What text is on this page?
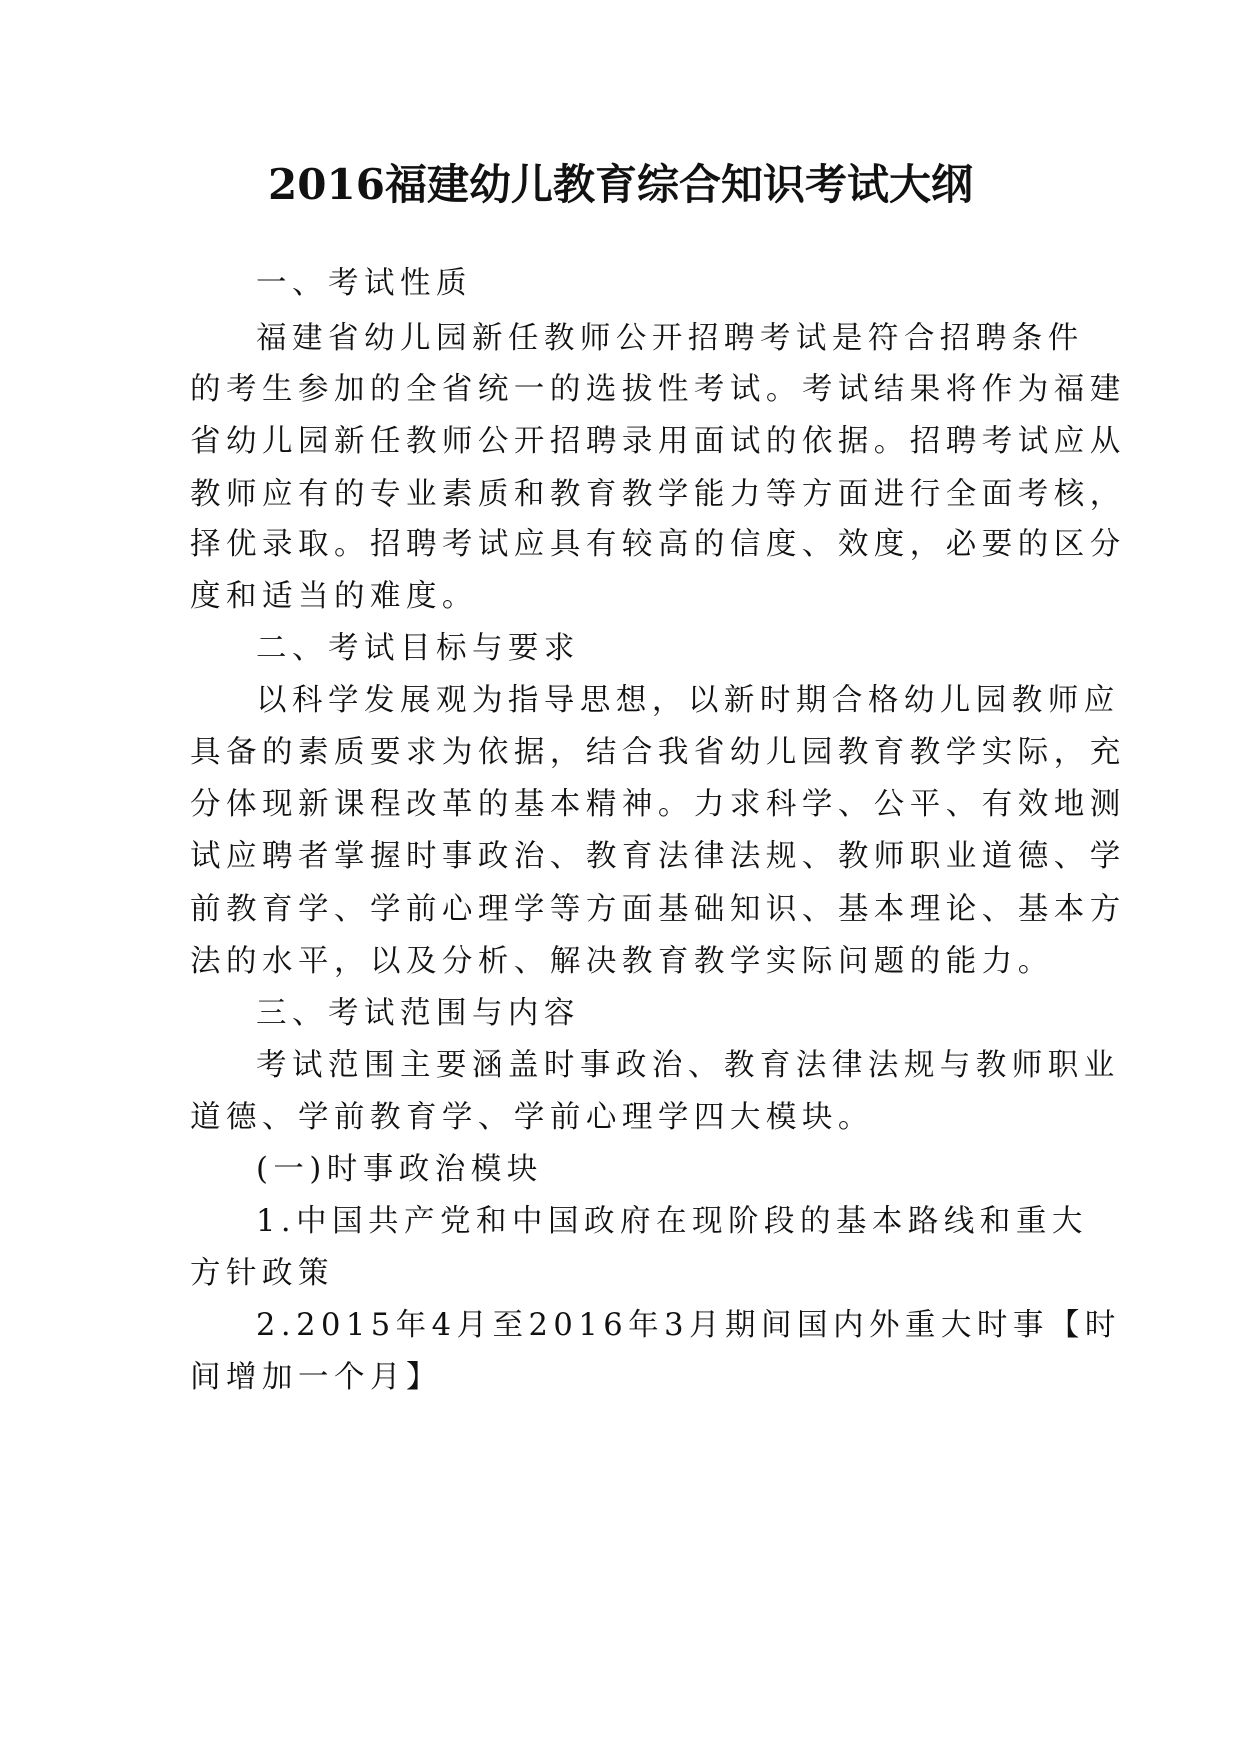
2016福建幼儿教育综合知识考试大纲
一、考试性质
福建省幼儿园新任教师公开招聘考试是符合招聘条件
的考生参加的全省统一的选拔性考试。考试结果将作为福建
省幼儿园新任教师公开招聘录用面试的依据。招聘考试应从
教师应有的专业素质和教育教学能力等方面进行全面考核，
择优录取。招聘考试应具有较高的信度、效度，必要的区分
度和适当的难度。
二、考试目标与要求
以科学发展观为指导思想，以新时期合格幼儿园教师应
具备的素质要求为依据，结合我省幼儿园教育教学实际，充
分体现新课程改革的基本精神。力求科学、公平、有效地测
试应聘者掌握时事政治、教育法律法规、教师职业道德、学
前教育学、学前心理学等方面基础知识、基本理论、基本方
法的水平，以及分析、解决教育教学实际问题的能力。
三、考试范围与内容
考试范围主要涵盖时事政治、教育法律法规与教师职业
道德、学前教育学、学前心理学四大模块。
(一)时事政治模块
1.中国共产党和中国政府在现阶段的基本路线和重大
方针政策
2.2015年4月至2016年3月期间国内外重大时事【时
间增加一个月】
